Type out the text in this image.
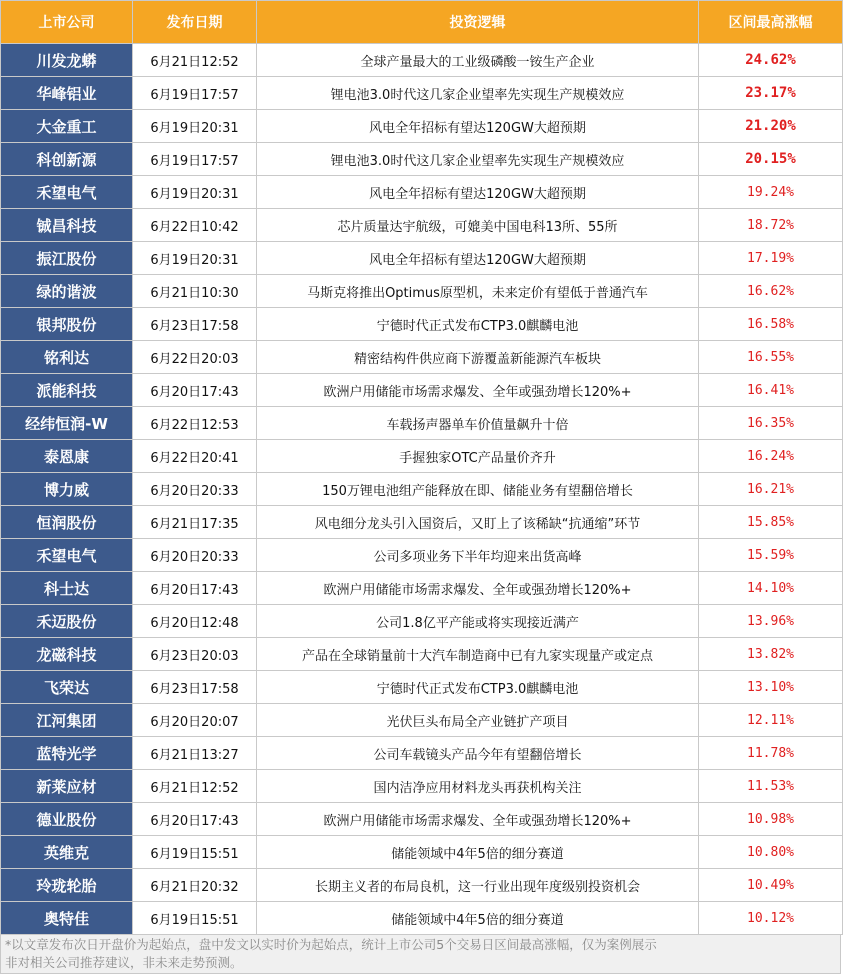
上市公司	发布日期	投资逻辑	区间最高涨幅
川发龙蟒	6月21日12:52	全球产量最大的工业级磷酸一铵生产企业	24.62%
华峰铝业	6月19日17:57	锂电池3.0时代这几家企业望率先实现生产规模效应	23.17%
大金重工	6月19日20:31	风电全年招标有望达120GW大超预期	21.20%
科创新源	6月19日17:57	锂电池3.0时代这几家企业望率先实现生产规模效应	20.15%
禾望电气	6月19日20:31	风电全年招标有望达120GW大超预期	19.24%
铖昌科技	6月22日10:42	芯片质量达宇航级，可媲美中国电科13所、55所	18.72%
振江股份	6月19日20:31	风电全年招标有望达120GW大超预期	17.19%
绿的谐波	6月21日10:30	马斯克将推出Optimus原型机，未来定价有望低于普通汽车	16.62%
银邦股份	6月23日17:58	宁德时代正式发布CTP3.0麒麟电池	16.58%
铭利达	6月22日20:03	精密结构件供应商下游覆盖新能源汽车板块	16.55%
派能科技	6月20日17:43	欧洲户用储能市场需求爆发、全年或强劲增长120%+	16.41%
经纬恒润-W	6月22日12:53	车载扬声器单车价值量飙升十倍	16.35%
泰恩康	6月22日20:41	手握独家OTC产品量价齐升	16.24%
博力威	6月20日20:33	150万锂电池组产能释放在即、储能业务有望翻倍增长	16.21%
恒润股份	6月21日17:35	风电细分龙头引入国资后，又盯上了该稀缺“抗通缩”环节	15.85%
禾望电气	6月20日20:33	公司多项业务下半年均迎来出货高峰	15.59%
科士达	6月20日17:43	欧洲户用储能市场需求爆发、全年或强劲增长120%+	14.10%
禾迈股份	6月20日12:48	公司1.8亿平产能或将实现接近满产	13.96%
龙磁科技	6月23日20:03	产品在全球销量前十大汽车制造商中已有九家实现量产或定点	13.82%
飞荣达	6月23日17:58	宁德时代正式发布CTP3.0麒麟电池	13.10%
江河集团	6月20日20:07	光伏巨头布局全产业链扩产项目	12.11%
蓝特光学	6月21日13:27	公司车载镜头产品今年有望翻倍增长	11.78%
新莱应材	6月21日12:52	国内洁净应用材料龙头再获机构关注	11.53%
德业股份	6月20日17:43	欧洲户用储能市场需求爆发、全年或强劲增长120%+	10.98%
英维克	6月19日15:51	储能领域中4年5倍的细分赛道	10.80%
玲珑轮胎	6月21日20:32	长期主义者的布局良机，这一行业出现年度级别投资机会	10.49%
奥特佳	6月19日15:51	储能领域中4年5倍的细分赛道	10.12%
*以文章发布次日开盘价为起始点，盘中发文以实时价为起始点，统计上市公司5个交易日区间最高涨幅，仅为案例展示
非对相关公司推荐建议，非未来走势预测。
